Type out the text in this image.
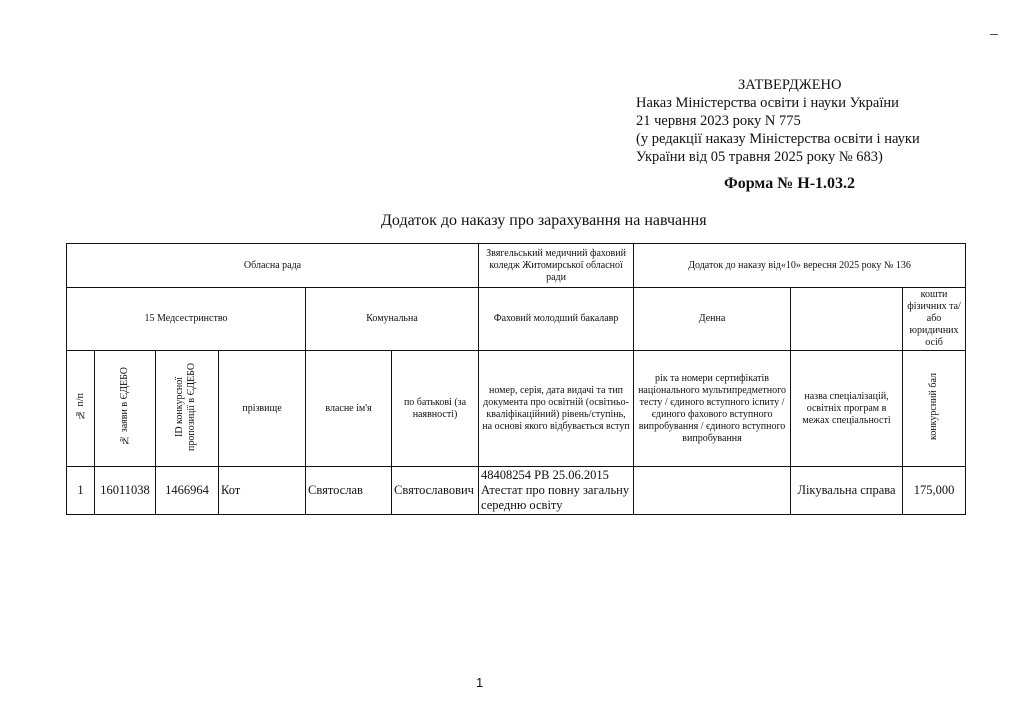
ЗАТВЕРДЖЕНО
Наказ Міністерства освіти і науки України
21 червня 2023 року N 775
(у редакції наказу Міністерства освіти і науки
України від 05 травня 2025 року № 683)
Форма № Н-1.03.2
Додаток до наказу про зарахування на навчання
Обласна рада						Звягельський медичний фаховий коледж Житомирської обласної ради	Додаток до наказу від«10» вересня 2025 року № 136		
15 Медсестринство				Комунальна		Фаховий молодший бакалавр	Денна		кошти фізичних та/або юридичних осіб
№ п/п	№ заяви в ЄДЕБО	ID конкурсної пропозиції в ЄДЕБО	прізвище	власне ім'я	по батькові (за наявності)	номер, серія, дата видачі та тип документа про освітній (освітньо-кваліфікаційний) рівень/ступінь, на основі якого відбувається вступ	рік та номери сертифікатів національного мультипредметного тесту / єдиного вступного іспиту / єдиного фахового вступного випробування / єдиного вступного випробування	назва спеціалізацій, освітніх програм в межах спеціальності	конкурсний бал
1	16011038	1466964	Кот	Святослав	Святославович	48408254 РВ 25.06.2015 Атестат про повну загальну середню освіту		Лікувальна справа	175,000
1
